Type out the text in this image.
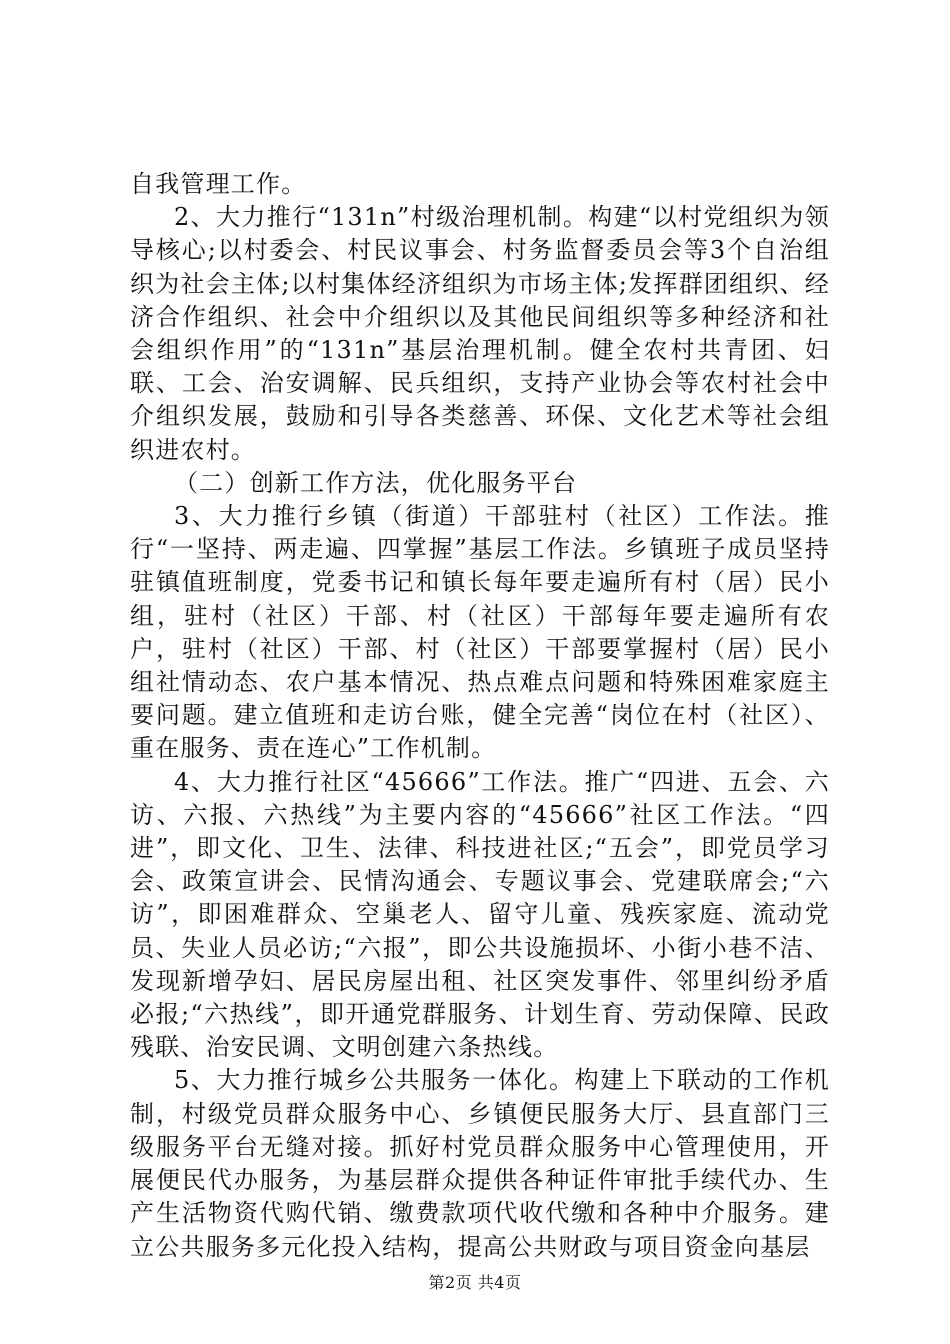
自我管理工作。

2、大力推行“131n”村级治理机制。构建“以村党组织为领导核心;以村委会、村民议事会、村务监督委员会等3个自治组织为社会主体;以村集体经济组织为市场主体;发挥群团组织、经济合作组织、社会中介组织以及其他民间组织等多种经济和社会组织作用”的“131n”基层治理机制。健全农村共青团、妇联、工会、治安调解、民兵组织，支持产业协会等农村社会中介组织发展，鼓励和引导各类慈善、环保、文化艺术等社会组织进农村。

（二）创新工作方法，优化服务平台

3、大力推行乡镇（街道）干部驻村（社区）工作法。推行“一坚持、两走遍、四掌握”基层工作法。乡镇班子成员坚持驻镇值班制度，党委书记和镇长每年要走遍所有村（居）民小组，驻村（社区）干部、村（社区）干部每年要走遍所有农户，驻村（社区）干部、村（社区）干部要掌握村（居）民小组社情动态、农户基本情况、热点难点问题和特殊困难家庭主要问题。建立值班和走访台账，健全完善“岗位在村（社区）、重在服务、责在连心”工作机制。

4、大力推行社区“45666”工作法。推广“四进、五会、六访、六报、六热线”为主要内容的“45666”社区工作法。“四进”，即文化、卫生、法律、科技进社区;“五会”，即党员学习会、政策宣讲会、民情沟通会、专题议事会、党建联席会;“六访”，即困难群众、空巢老人、留守儿童、残疾家庭、流动党员、失业人员必访;“六报”，即公共设施损坏、小街小巷不洁、发现新增孕妇、居民房屋出租、社区突发事件、邻里纠纷矛盾必报;“六热线”，即开通党群服务、计划生育、劳动保障、民政残联、治安民调、文明创建六条热线。

5、大力推行城乡公共服务一体化。构建上下联动的工作机制，村级党员群众服务中心、乡镇便民服务大厅、县直部门三级服务平台无缝对接。抓好村党员群众服务中心管理使用，开展便民代办服务，为基层群众提供各种证件审批手续代办、生产生活物资代购代销、缴费款项代收代缴和各种中介服务。建立公共服务多元化投入结构，提高公共财政与项目资金向基层

第2页 共4页
